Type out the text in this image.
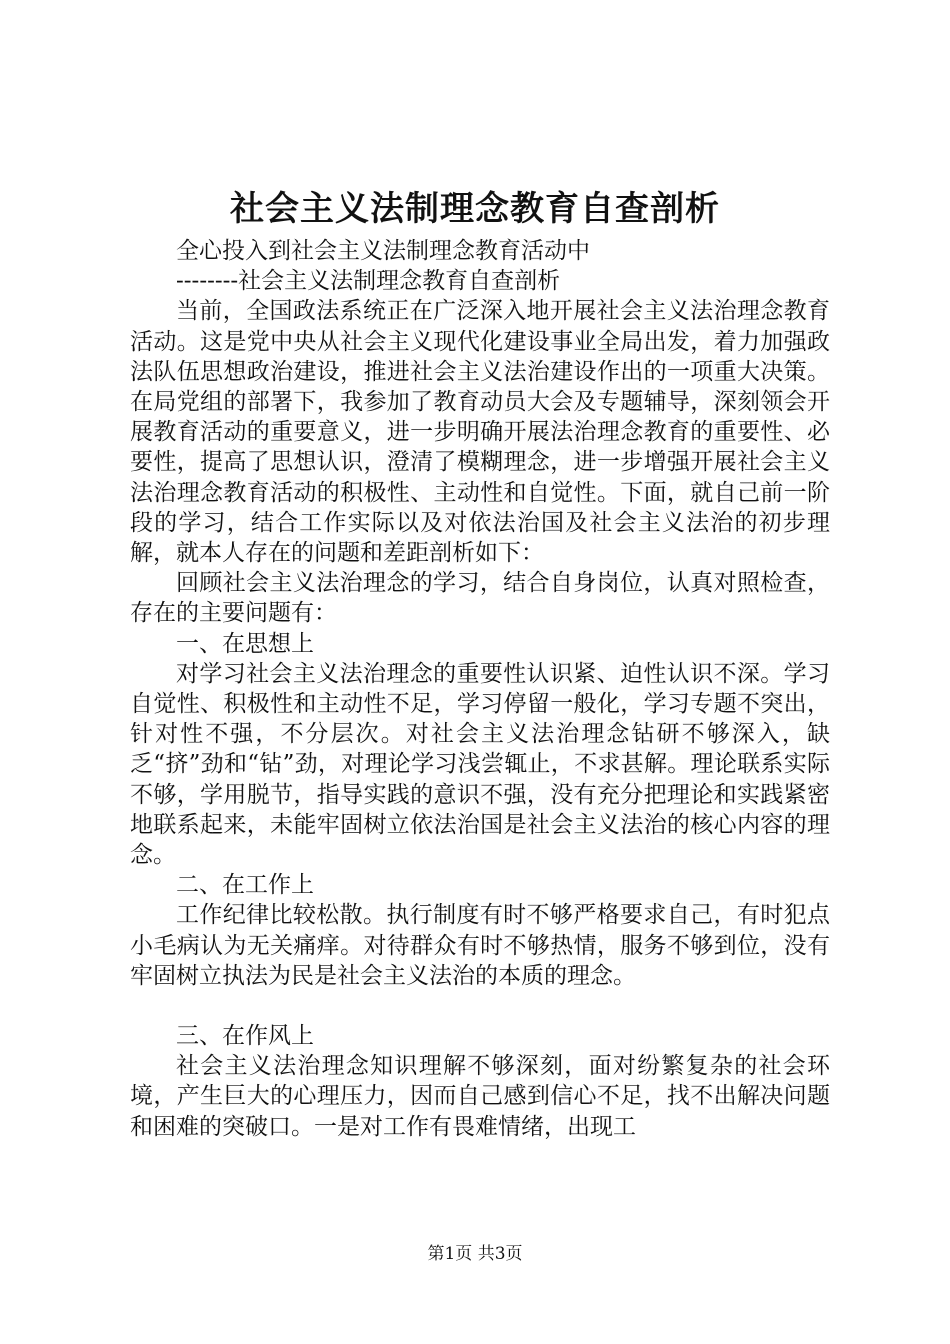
社会主义法制理念教育自查剖析

全心投入到社会主义法制理念教育活动中

--------社会主义法制理念教育自查剖析

当前，全国政法系统正在广泛深入地开展社会主义法治理念教育活动。这是党中央从社会主义现代化建设事业全局出发，着力加强政法队伍思想政治建设，推进社会主义法治建设作出的一项重大决策。在局党组的部署下，我参加了教育动员大会及专题辅导，深刻领会开展教育活动的重要意义，进一步明确开展法治理念教育的重要性、必要性，提高了思想认识，澄清了模糊理念，进一步增强开展社会主义法治理念教育活动的积极性、主动性和自觉性。下面，就自己前一阶段的学习，结合工作实际以及对依法治国及社会主义法治的初步理解，就本人存在的问题和差距剖析如下：

回顾社会主义法治理念的学习，结合自身岗位，认真对照检查，存在的主要问题有：

一、在思想上

对学习社会主义法治理念的重要性认识紧、迫性认识不深。学习自觉性、积极性和主动性不足，学习停留一般化，学习专题不突出，针对性不强，不分层次。对社会主义法治理念钻研不够深入，缺乏“挤”劲和“钻”劲，对理论学习浅尝辄止，不求甚解。理论联系实际不够，学用脱节，指导实践的意识不强，没有充分把理论和实践紧密地联系起来，未能牢固树立依法治国是社会主义法治的核心内容的理念。

二、在工作上

工作纪律比较松散。执行制度有时不够严格要求自己，有时犯点小毛病认为无关痛痒。对待群众有时不够热情，服务不够到位，没有牢固树立执法为民是社会主义法治的本质的理念。

三、在作风上

社会主义法治理念知识理解不够深刻，面对纷繁复杂的社会环境，产生巨大的心理压力，因而自己感到信心不足，找不出解决问题和困难的突破口。一是对工作有畏难情绪，出现工

第1页 共3页
